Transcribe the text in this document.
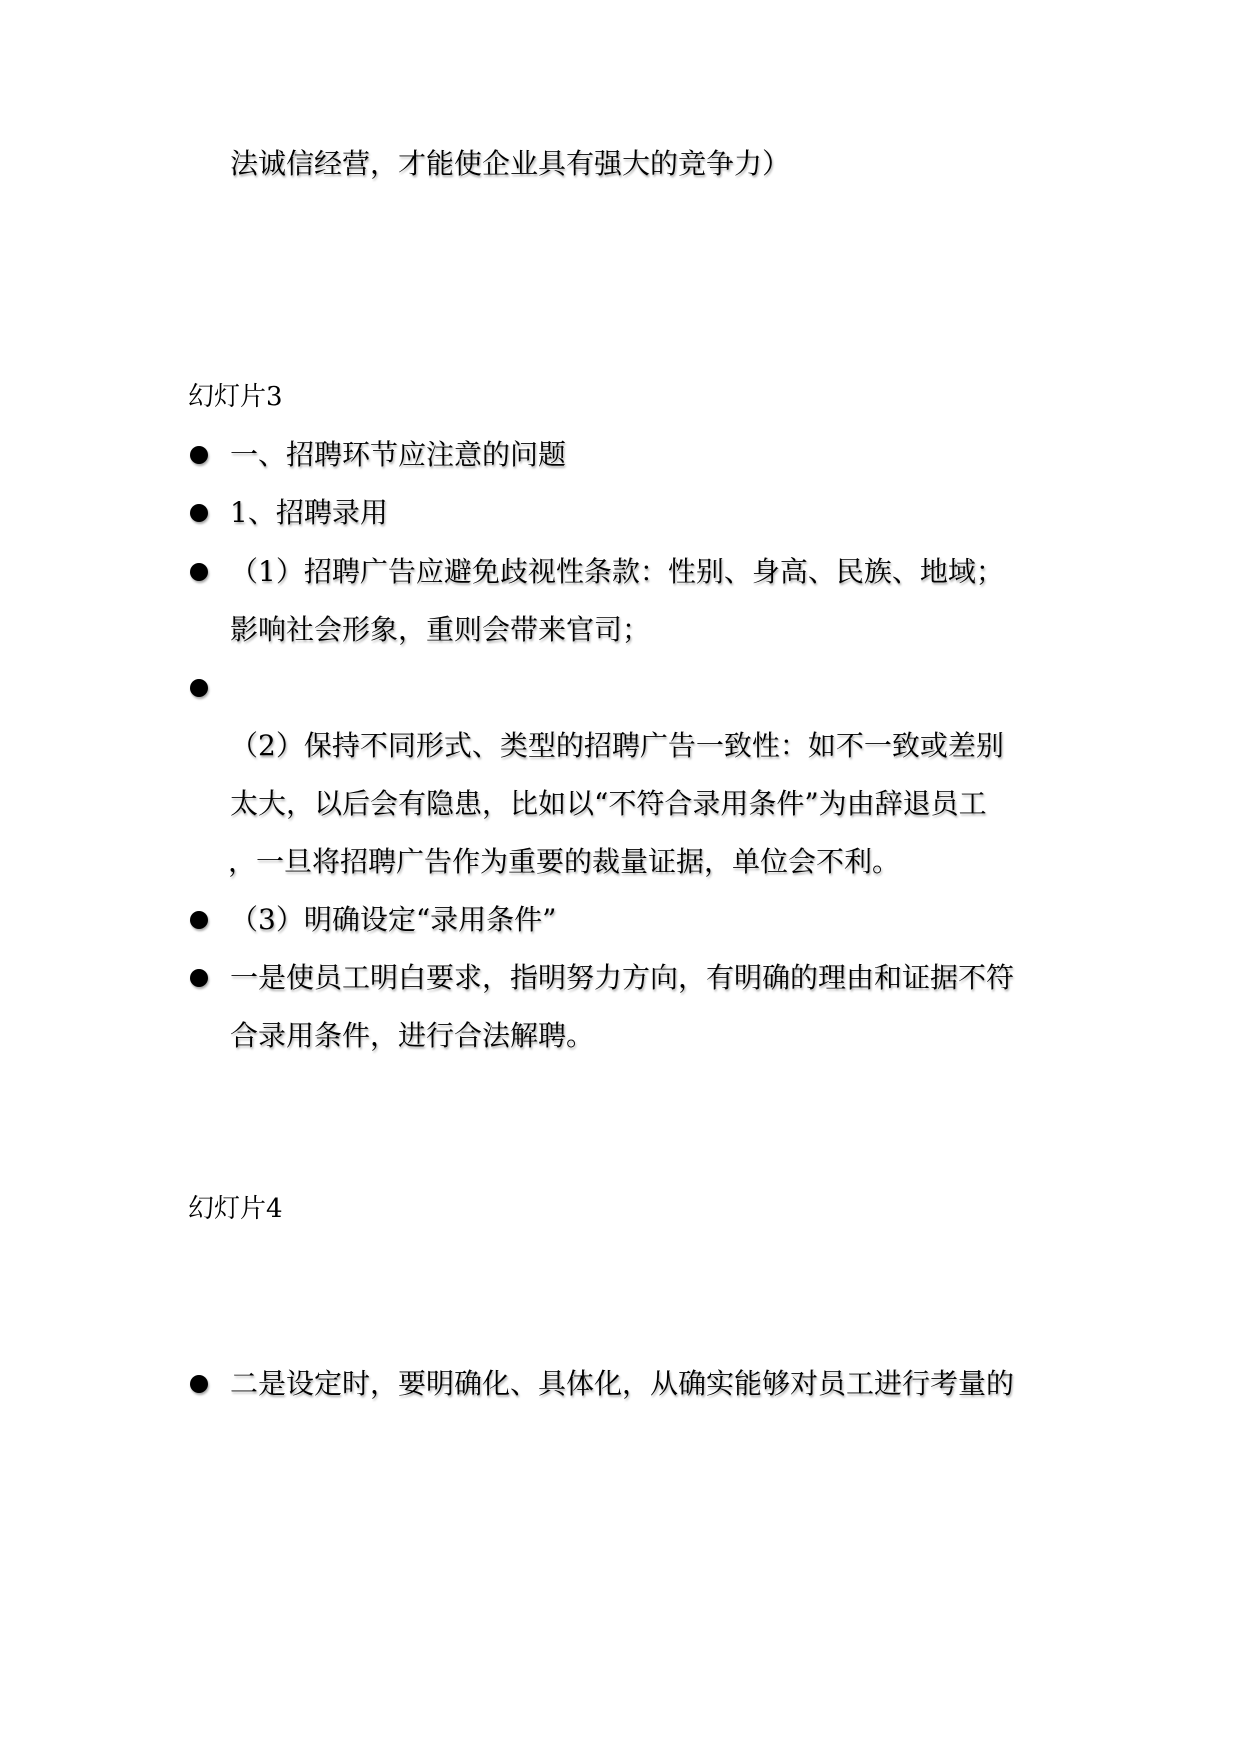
法诚信经营，才能使企业具有强大的竞争力）
幻灯片3
一、招聘环节应注意的问题
1、招聘录用
（1）招聘广告应避免歧视性条款：性别、身高、民族、地域；
影响社会形象，重则会带来官司；
（2）保持不同形式、类型的招聘广告一致性：如不一致或差别
太大，以后会有隐患，比如以“不符合录用条件”为由辞退员工
，一旦将招聘广告作为重要的裁量证据，单位会不利。
（3）明确设定“录用条件”
一是使员工明白要求，指明努力方向，有明确的理由和证据不符
合录用条件，进行合法解聘。
幻灯片4
二是设定时，要明确化、具体化，从确实能够对员工进行考量的
